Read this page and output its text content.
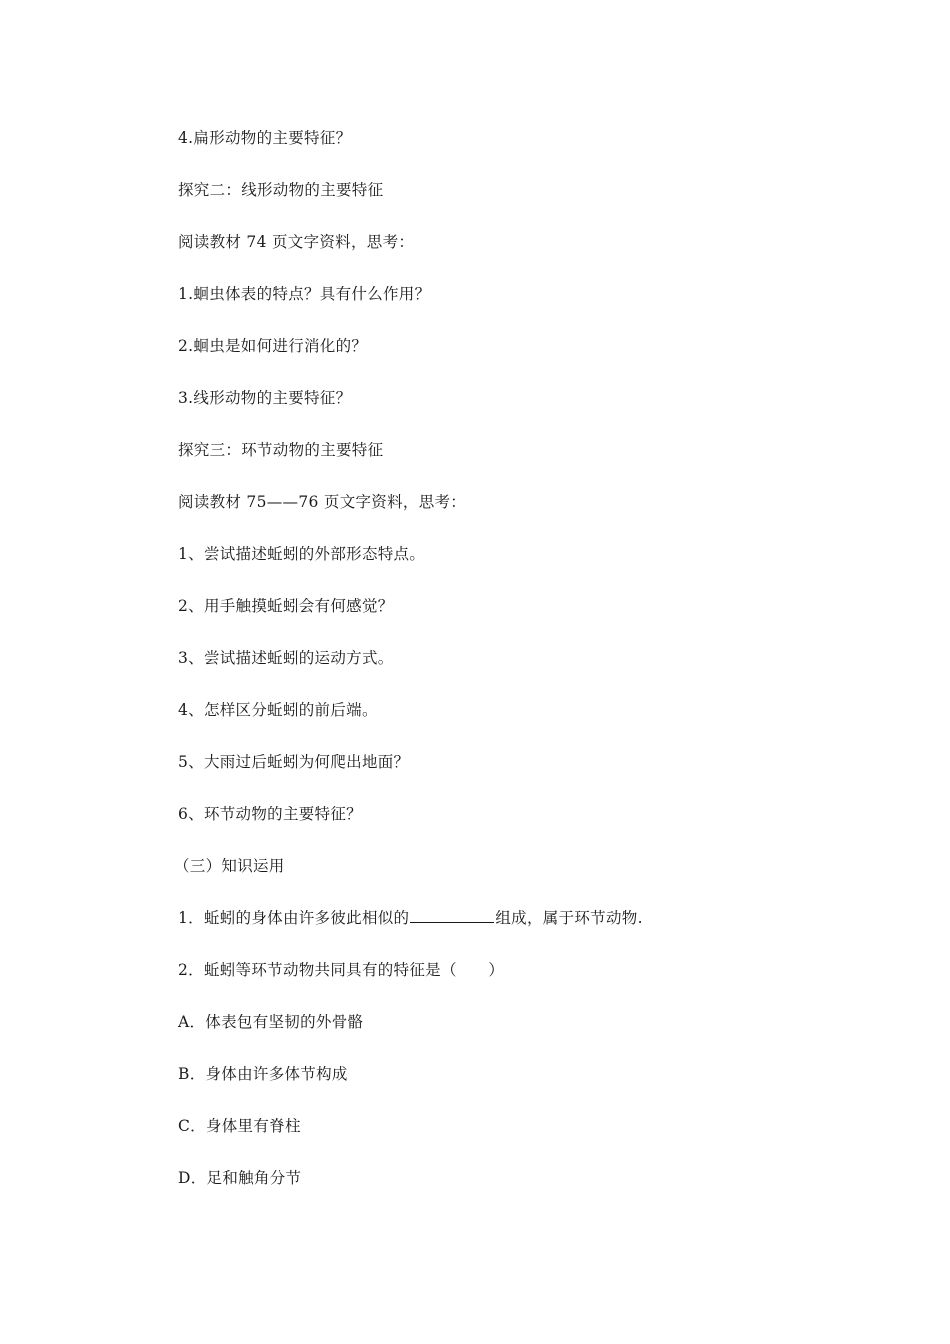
4.扁形动物的主要特征？
探究二：线形动物的主要特征
阅读教材 74 页文字资料，思考：
1.蛔虫体表的特点？具有什么作用？
2.蛔虫是如何进行消化的？
3.线形动物的主要特征？
探究三：环节动物的主要特征
阅读教材 75——76 页文字资料，思考：
1、尝试描述蚯蚓的外部形态特点。
2、用手触摸蚯蚓会有何感觉？
3、尝试描述蚯蚓的运动方式。
4、怎样区分蚯蚓的前后端。
5、大雨过后蚯蚓为何爬出地面？
6、环节动物的主要特征？
（三）知识运用
1．蚯蚓的身体由许多彼此相似的	组成，属于环节动物.
2．蚯蚓等环节动物共同具有的特征是（　　）
A．体表包有坚韧的外骨骼
B．身体由许多体节构成
C．身体里有脊柱
D．足和触角分节
